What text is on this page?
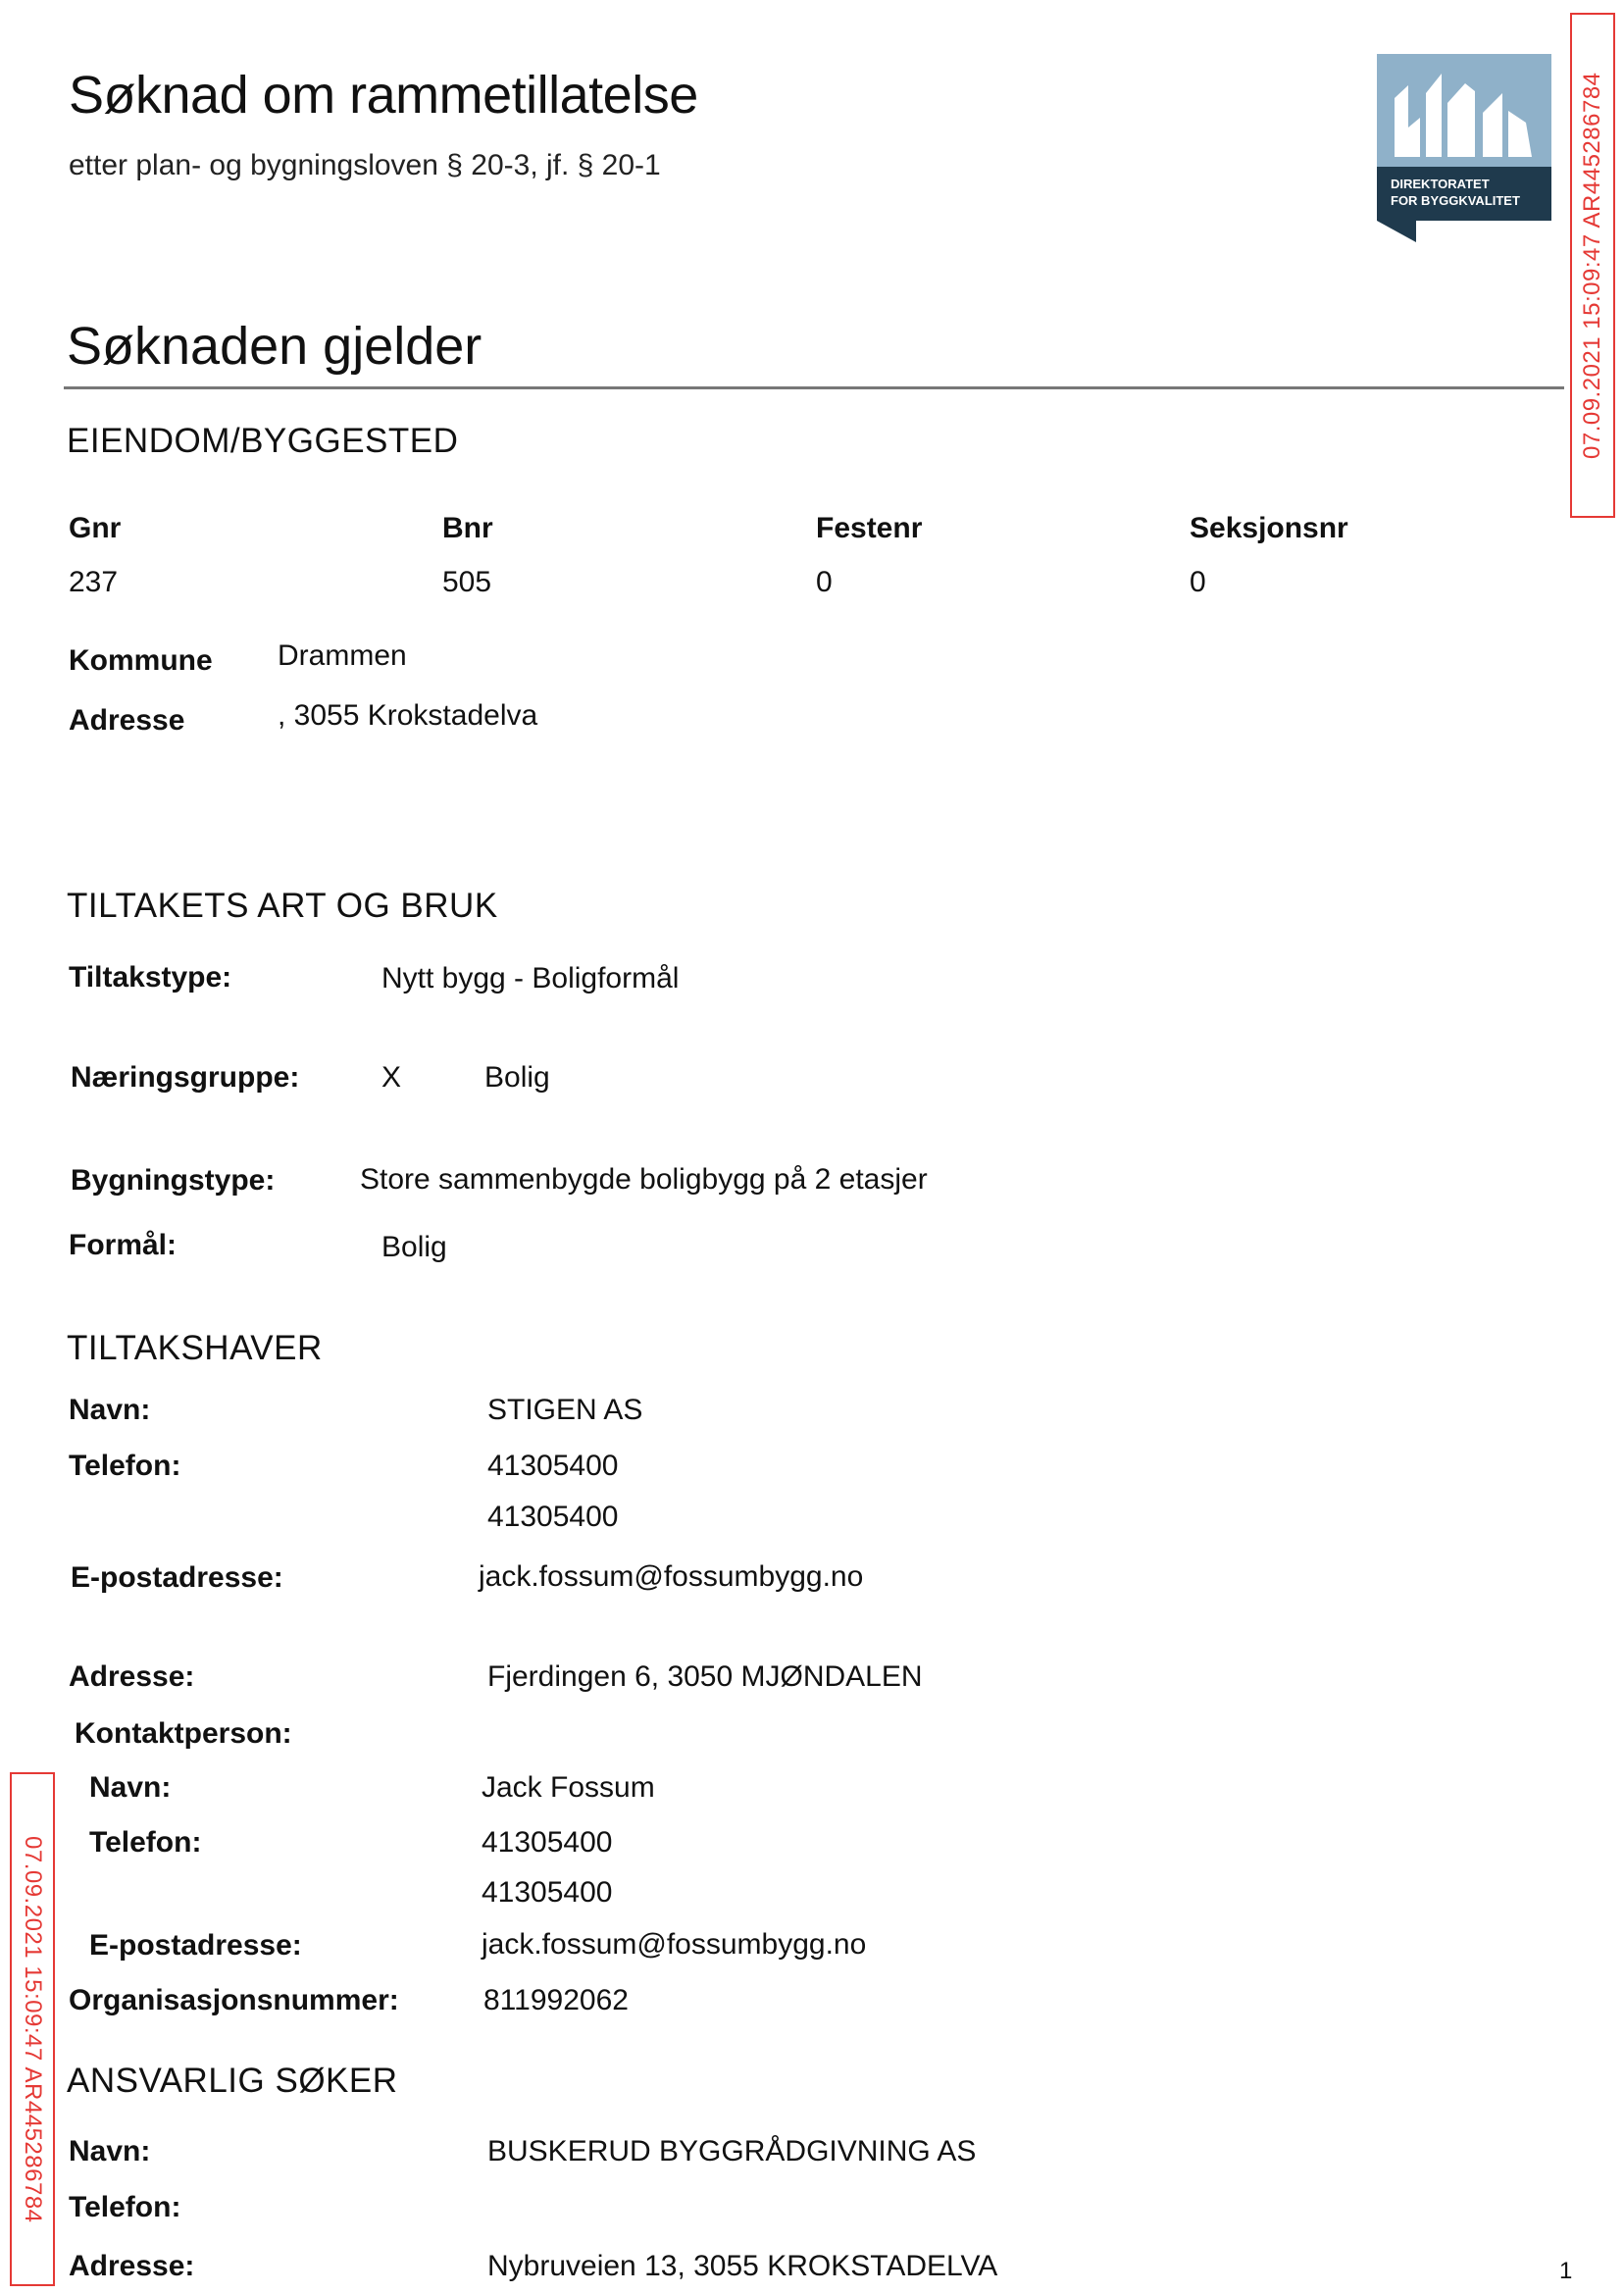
Søknad om rammetillatelse
etter plan- og bygningsloven § 20-3, jf. § 20-1
DIREKTORATET
FOR BYGGKVALITET	07.09.2021 15:09:47 AR445286784
07.09.2021 15:09:47 AR445286784
Søknaden gjelder
EIENDOM/BYGGESTED
Gnr	Bnr	Festenr	Seksjonsnr
237	505	0	0
Kommune Drammen
Adresse	, 3055 Krokstadelva
TILTAKETS ART OG BRUK
Tiltakstype:	Nytt bygg - Boligformål
Næringsgruppe:	X	Bolig
Bygningstype:	Store sammenbygde boligbygg på 2 etasjer
Formål:	Bolig
TILTAKSHAVER
Navn:	STIGEN AS
Telefon:	41305400
41305400
E-postadresse:	jack.fossum@fossumbygg.no
Adresse:	Fjerdingen 6, 3050 MJØNDALEN
Kontaktperson:
Navn:	Jack Fossum
Telefon:	41305400
41305400
E-postadresse:	jack.fossum@fossumbygg.no
Organisasjonsnummer:	811992062
ANSVARLIG SØKER
Navn:	BUSKERUD BYGGRÅDGIVNING AS
Telefon:
Adresse:	Nybruveien 13, 3055 KROKSTADELVA	1
